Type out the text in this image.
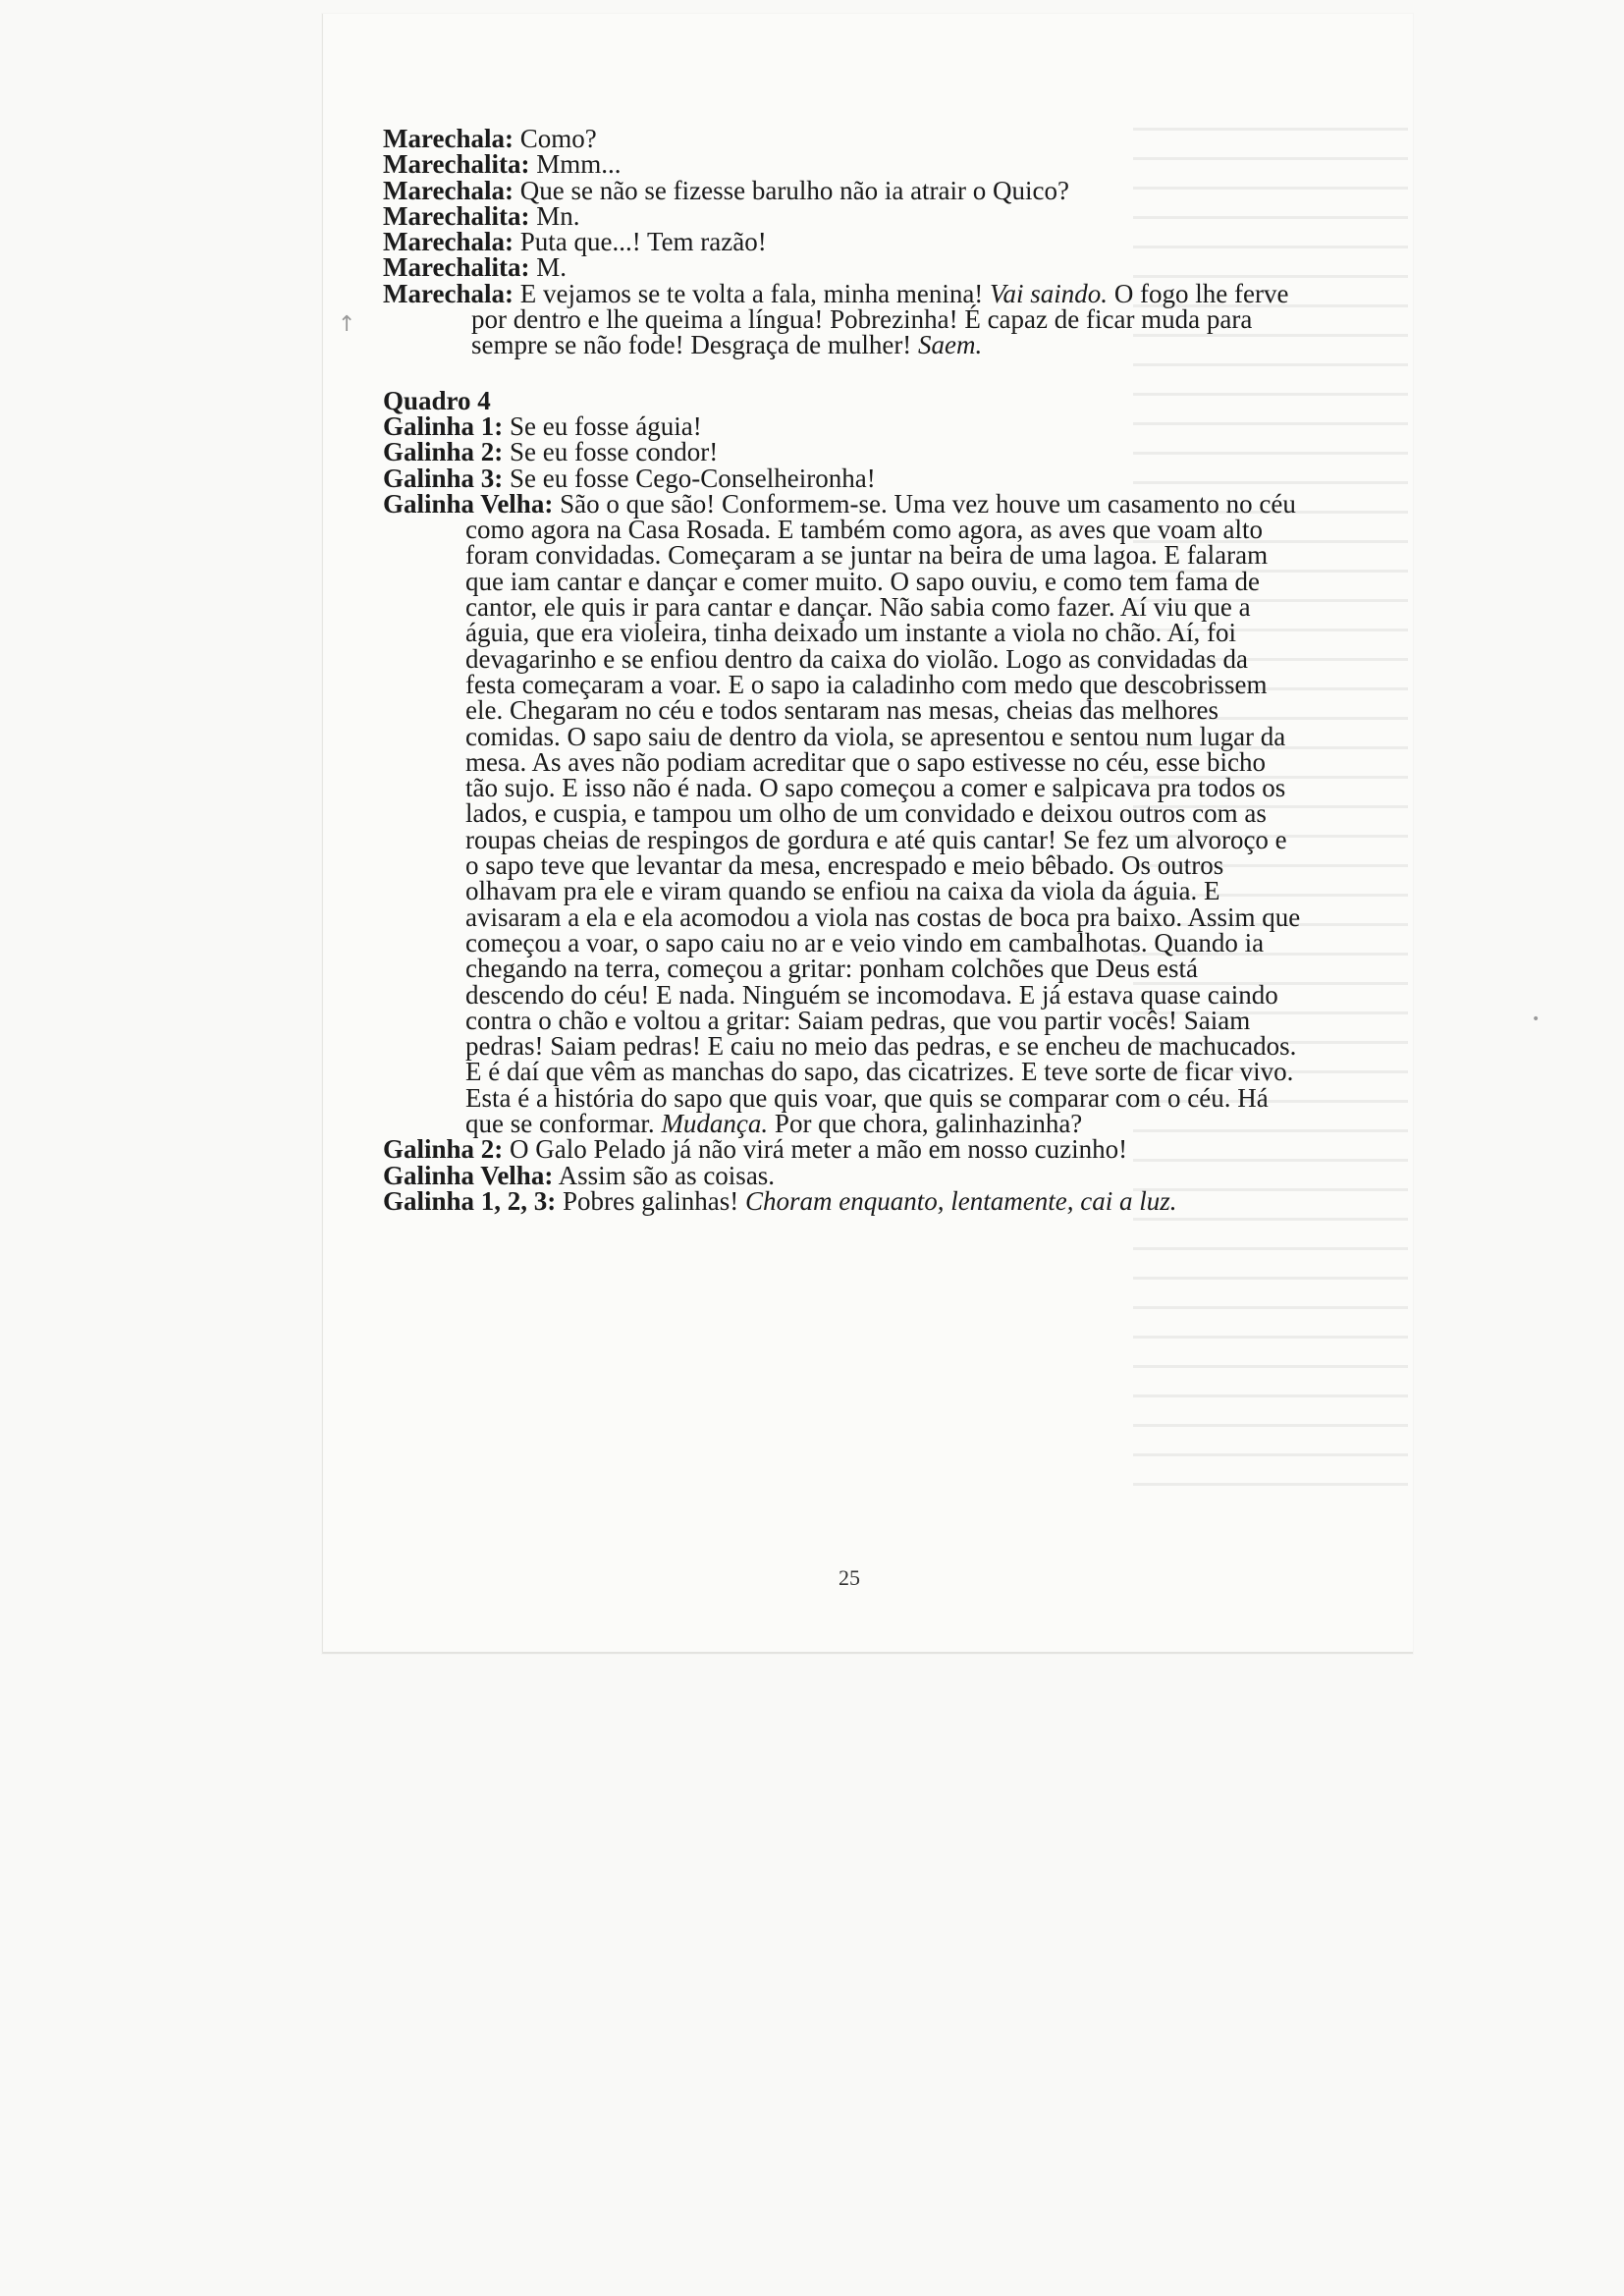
↑
•

Marechala: Como?

Marechalita: Mmm...

Marechala: Que se não se fizesse barulho não ia atrair o Quico?

Marechalita: Mn.

Marechala: Puta que...! Tem razão!

Marechalita: M.

Marechala: E vejamos se te volta a fala, minha menina! Vai saindo. O fogo lhe ferve por dentro e lhe queima a língua! Pobrezinha! É capaz de ficar muda para sempre se não fode! Desgraça de mulher! Saem.

Quadro 4

Galinha 1: Se eu fosse águia!

Galinha 2: Se eu fosse condor!

Galinha 3: Se eu fosse Cego-Conselheironha!

Galinha Velha: São o que são! Conformem-se. Uma vez houve um casamento no céu como agora na Casa Rosada. E também como agora, as aves que voam alto foram convidadas. Começaram a se juntar na beira de uma lagoa. E falaram que iam cantar e dançar e comer muito. O sapo ouviu, e como tem fama de cantor, ele quis ir para cantar e dançar. Não sabia como fazer. Aí viu que a águia, que era violeira, tinha deixado um instante a viola no chão. Aí, foi devagarinho e se enfiou dentro da caixa do violão. Logo as convidadas da festa começaram a voar. E o sapo ia caladinho com medo que descobrissem ele. Chegaram no céu e todos sentaram nas mesas, cheias das melhores comidas. O sapo saiu de dentro da viola, se apresentou e sentou num lugar da mesa. As aves não podiam acreditar que o sapo estivesse no céu, esse bicho tão sujo. E isso não é nada. O sapo começou a comer e salpicava pra todos os lados, e cuspia, e tampou um olho de um convidado e deixou outros com as roupas cheias de respingos de gordura e até quis cantar! Se fez um alvoroço e o sapo teve que levantar da mesa, encrespado e meio bêbado. Os outros olhavam pra ele e viram quando se enfiou na caixa da viola da águia. E avisaram a ela e ela acomodou a viola nas costas de boca pra baixo. Assim que começou a voar, o sapo caiu no ar e veio vindo em cambalhotas. Quando ia chegando na terra, começou a gritar: ponham colchões que Deus está descendo do céu! E nada. Ninguém se incomodava. E já estava quase caindo contra o chão e voltou a gritar: Saiam pedras, que vou partir vocês! Saiam pedras! Saiam pedras! E caiu no meio das pedras, e se encheu de machucados. E é daí que vêm as manchas do sapo, das cicatrizes. E teve sorte de ficar vivo. Esta é a história do sapo que quis voar, que quis se comparar com o céu. Há que se conformar. Mudança. Por que chora, galinhazinha?

Galinha 2: O Galo Pelado já não virá meter a mão em nosso cuzinho!

Galinha Velha: Assim são as coisas.

Galinha 1, 2, 3: Pobres galinhas! Choram enquanto, lentamente, cai a luz.

25
